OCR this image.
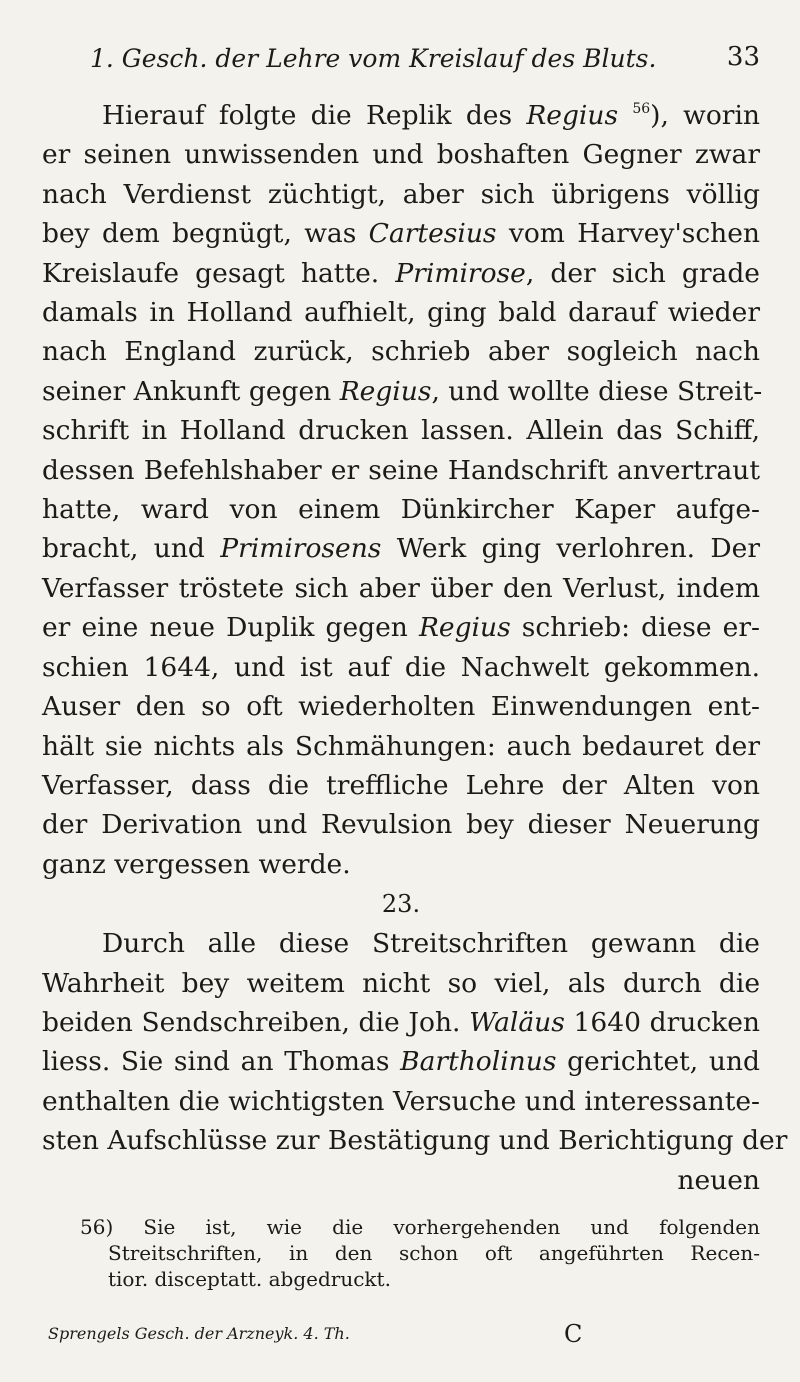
1. Gesch. der Lehre vom Kreislauf des Bluts.	33

Hierauf folgte die Replik des Regius $^{56}$), worin
er seinen unwissenden und boshaften Gegner zwar
nach Verdienst züchtigt, aber sich übrigens völlig
bey dem begnügt, was Cartesius vom Harvey'schen
Kreislaufe gesagt hatte. Primirose, der sich grade
damals in Holland aufhielt, ging bald darauf wieder
nach England zurück, schrieb aber sogleich nach
seiner Ankunft gegen Regius, und wollte diese Streit-
schrift in Holland drucken lassen. Allein das Schiff,
dessen Befehlshaber er seine Handschrift anvertraut
hatte, ward von einem Dünkircher Kaper aufge-
bracht, und Primirosens Werk ging verlohren. Der
Verfasser tröstete sich aber über den Verlust, indem
er eine neue Duplik gegen Regius schrieb: diese er-
schien 1644, und ist auf die Nachwelt gekommen.
Auser den so oft wiederholten Einwendungen ent-
hält sie nichts als Schmähungen: auch bedauret der
Verfasser, dass die treffliche Lehre der Alten von
der Derivation und Revulsion bey dieser Neuerung
ganz vergessen werde.

23.

Durch alle diese Streitschriften gewann die
Wahrheit bey weitem nicht so viel, als durch die
beiden Sendschreiben, die Joh. Waläus 1640 drucken
liess. Sie sind an Thomas Bartholinus gerichtet, und
enthalten die wichtigsten Versuche und interessante-
sten Aufschlüsse zur Bestätigung und Berichtigung der
neuen

56) Sie ist, wie die vorhergehenden und folgenden
Streitschriften, in den schon oft angeführten Recen-
tior. disceptatt. abgedruckt.
Sprengels Gesch. der Arzneyk. 4. Th.	C
